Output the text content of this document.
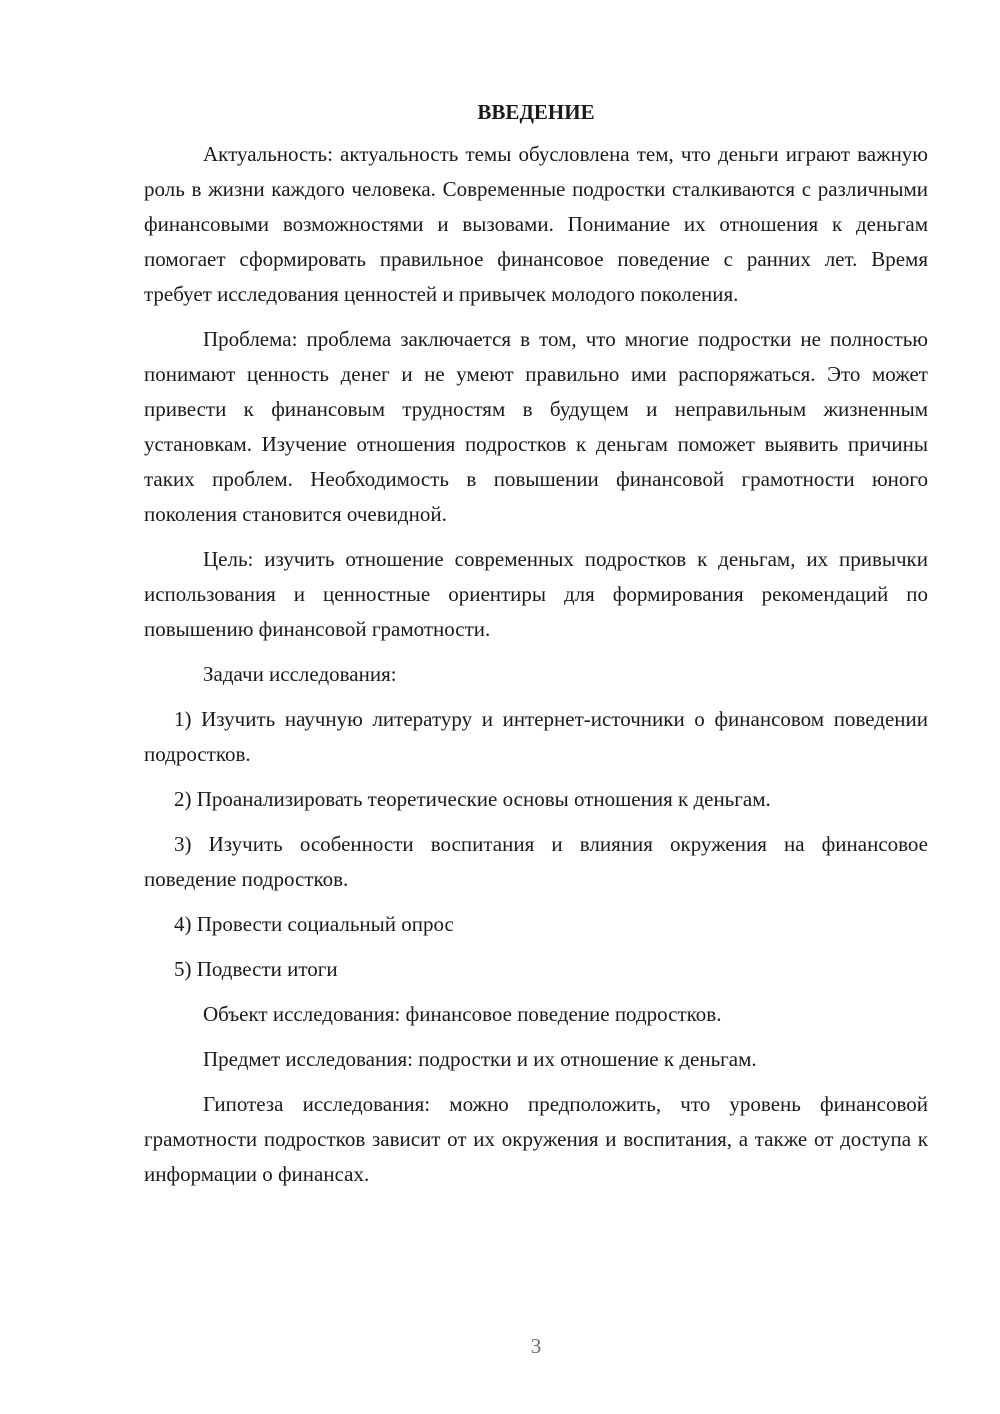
ВВЕДЕНИЕ

Актуальность: актуальность темы обусловлена тем, что деньги играют важную роль в жизни каждого человека. Современные подростки сталкиваются с различными финансовыми возможностями и вызовами. Понимание их отношения к деньгам помогает сформировать правильное финансовое поведение с ранних лет. Время требует исследования ценностей и привычек молодого поколения.

Проблема: проблема заключается в том, что многие подростки не полностью понимают ценность денег и не умеют правильно ими распоряжаться. Это может привести к финансовым трудностям в будущем и неправильным жизненным установкам. Изучение отношения подростков к деньгам поможет выявить причины таких проблем. Необходимость в повышении финансовой грамотности юного поколения становится очевидной.

Цель: изучить отношение современных подростков к деньгам, их привычки использования и ценностные ориентиры для формирования рекомендаций по повышению финансовой грамотности.

Задачи исследования:

1) Изучить научную литературу и интернет-источники о финансовом поведении подростков.

2) Проанализировать теоретические основы отношения к деньгам.

3) Изучить особенности воспитания и влияния окружения на финансовое поведение подростков.

4) Провести социальный опрос

5) Подвести итоги

Объект исследования: финансовое поведение подростков.

Предмет исследования: подростки и их отношение к деньгам.

Гипотеза исследования: можно предположить, что уровень финансовой грамотности подростков зависит от их окружения и воспитания, а также от доступа к информации о финансах.

3
